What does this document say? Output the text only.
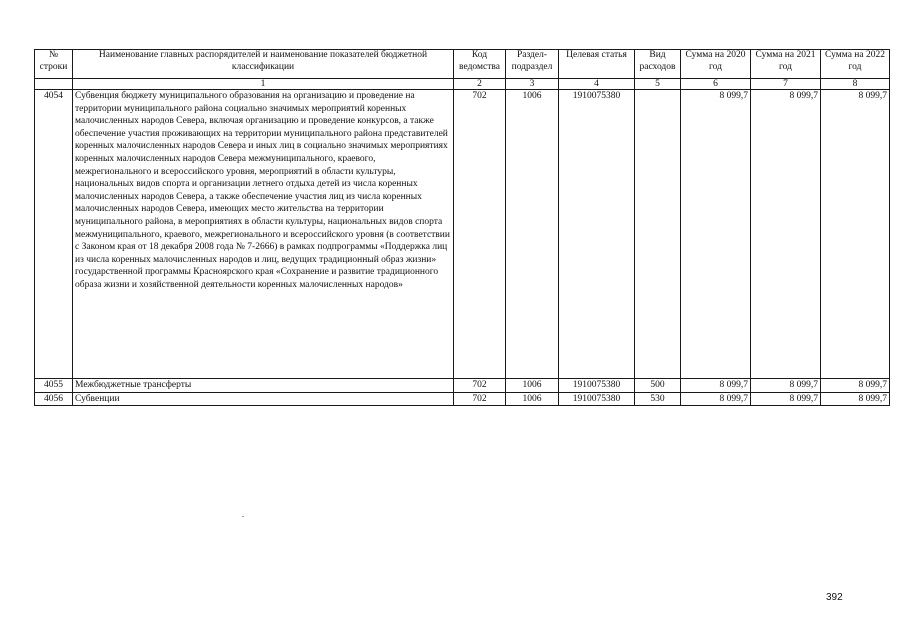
№ строки	Наименование главных распорядителей и наименование показателей бюджетной классификации	Код ведомства	Раздел-подраздел	Целевая статья	Вид расходов	Сумма на 2020 год	Сумма на 2021 год	Сумма на 2022 год
	1	2	3	4	5	6	7	8
4054	Субвенция бюджету муниципального образования на организацию и проведение на территории муниципального района социально значимых мероприятий коренных малочисленных народов Севера, включая организацию и проведение конкурсов, а также обеспечение участия проживающих на территории муниципального района представителей коренных малочисленных народов Севера и иных лиц в социально значимых мероприятиях коренных малочисленных народов Севера межмуниципального, краевого, межрегионального и всероссийского уровня, мероприятий в области культуры, национальных видов спорта и организации летнего отдыха детей из числа коренных малочисленных народов Севера, а также обеспечение участия лиц из числа коренных малочисленных народов Севера, имеющих место жительства на территории муниципального района, в мероприятиях в области культуры, национальных видов спорта межмуниципального, краевого, межрегионального и всероссийского уровня (в соответствии с Законом края от 18 декабря 2008 года № 7-2666) в рамках подпрограммы «Поддержка лиц из числа коренных малочисленных народов и лиц, ведущих традиционный образ жизни» государственной программы Красноярского края «Сохранение и развитие традиционного образа жизни и хозяйственной деятельности коренных малочисленных народов»	702	1006	1910075380		8 099,7	8 099,7	8 099,7
4055	Межбюджетные трансферты	702	1006	1910075380	500	8 099,7	8 099,7	8 099,7
4056	Субвенции	702	1006	1910075380	530	8 099,7	8 099,7	8 099,7
392
